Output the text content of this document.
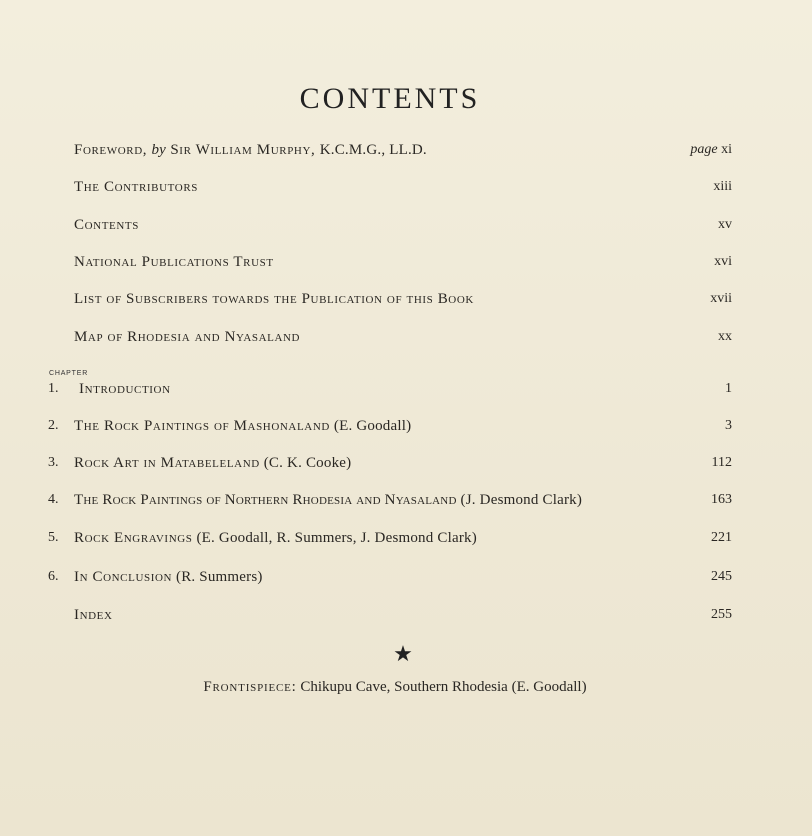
CONTENTS
Foreword, by Sir William Murphy, K.C.M.G., LL.D.	page xi
The Contributors	xiii
Contents	xv
National Publications Trust	xvi
List of Subscribers towards the Publication of this Book	xvii
Map of Rhodesia and Nyasaland	xx
CHAPTER
1.	Introduction	1
2.	The Rock Paintings of Mashonaland (E. Goodall)	3
3.	Rock Art in Matabeleland (C. K. Cooke)	112
4.	The Rock Paintings of Northern Rhodesia and Nyasaland (J. Desmond Clark)	163
5.	Rock Engravings (E. Goodall, R. Summers, J. Desmond Clark)	221
6.	In Conclusion (R. Summers)	245
Index	255
★
Frontispiece: Chikupu Cave, Southern Rhodesia (E. Goodall)
